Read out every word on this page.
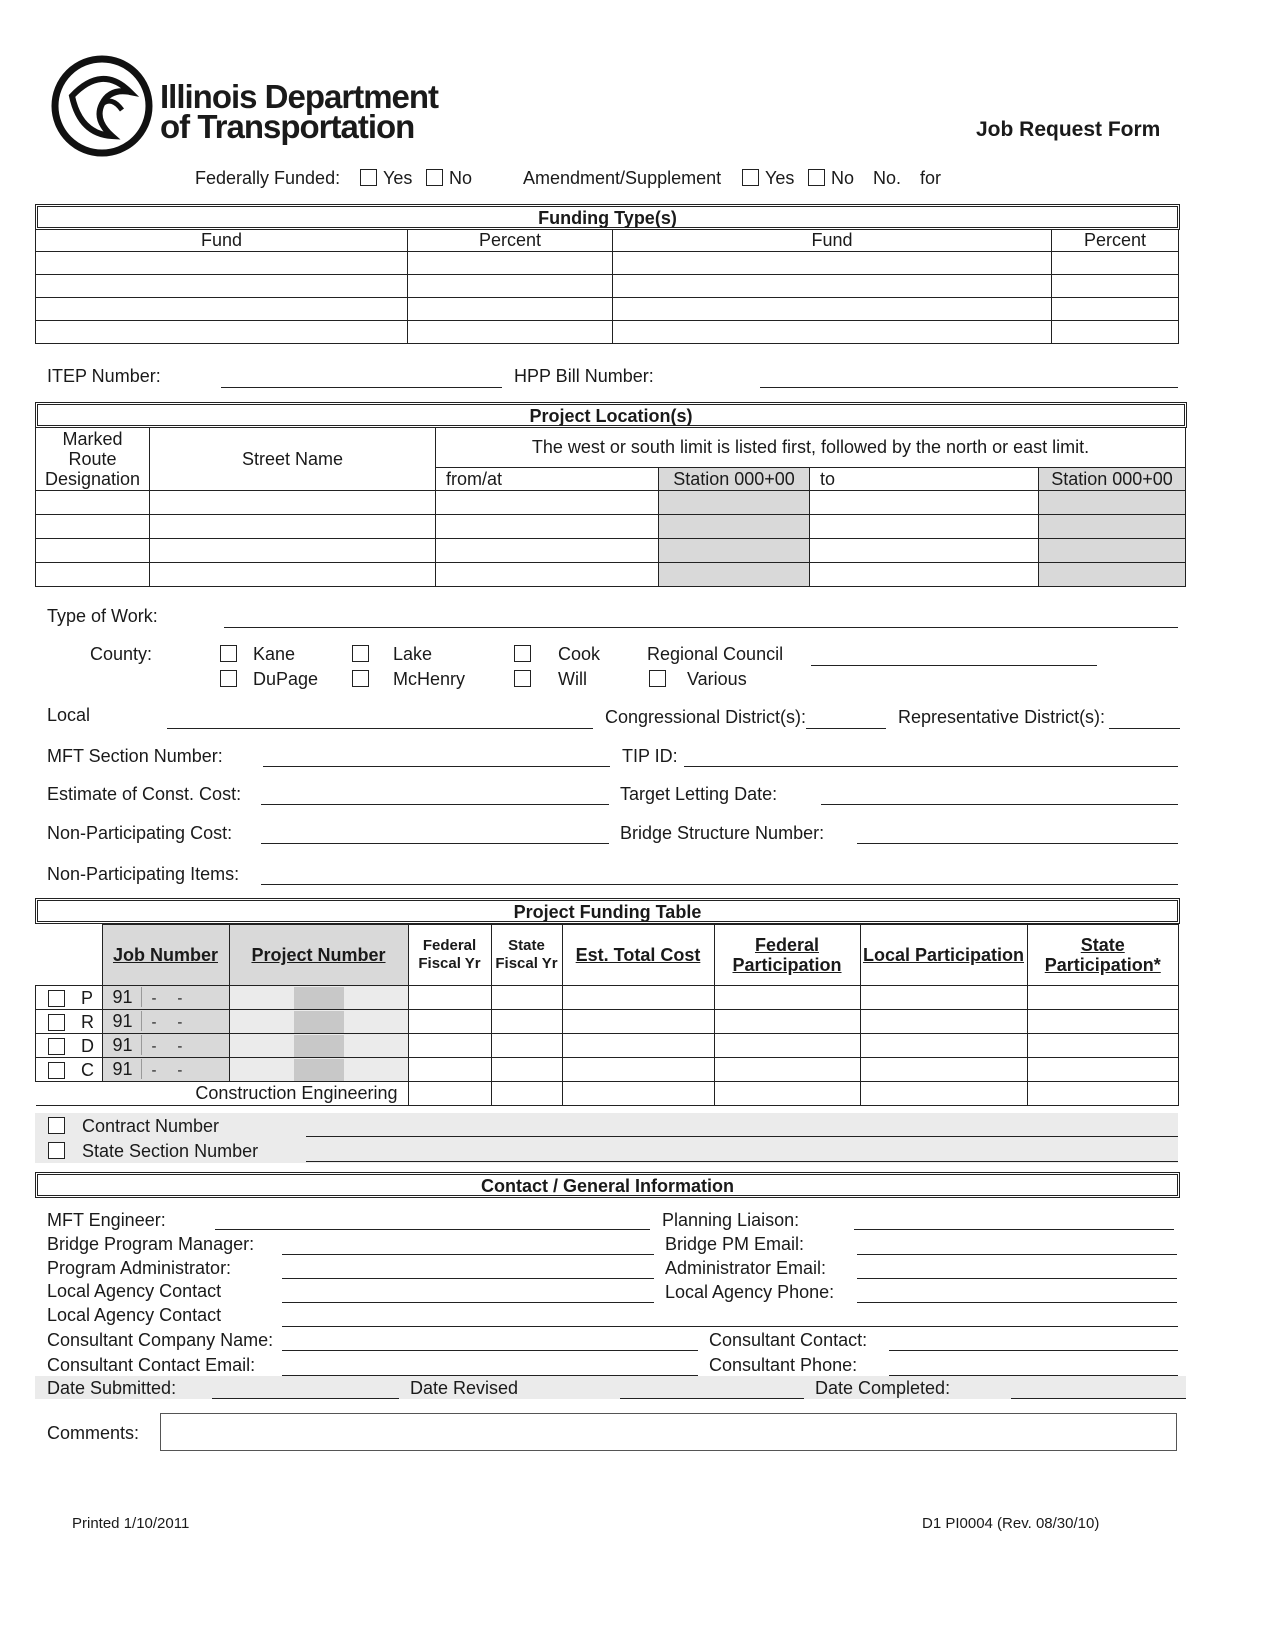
Illinois Department
of Transportation	Job Request Form
Federally Funded: Yes No	Amendment/Supplement Yes No No. for
Funding Type(s)
Fund	Percent	Fund	Percent

ITEP Number:	HPP Bill Number:
Project Location(s)
Marked Route Designation	Street Name	The west or south limit is listed first, followed by the north or east limit.			
		from/at	Station 000+00	to	Station 000+00

Type of Work:
County:	Kane	Lake	Cook	Regional Council
DuPage	McHenry	Will	Various
Local	Congressional District(s):	Representative District(s):
MFT Section Number:	TIP ID:
Estimate of Const. Cost:	Target Letting Date:
Non-Participating Cost:	Bridge Structure Number:
Non-Participating Items:
Project Funding Table
	Job Number	Project Number	Federal Fiscal Yr	State Fiscal Yr	Est. Total Cost	Federal Participation	Local Participation	State Participation*
P	91 -     -	

R	91 -     -	

D	91 -     -	

C	91 -     -	

Construction Engineering								
Contract Number
State Section Number
Contact / General Information
MFT Engineer:	Planning Liaison:
Bridge Program Manager:	Bridge PM Email:
Program Administrator:	Administrator Email:
Local Agency Contact	Local Agency Phone:
Local Agency Contact
Consultant Company Name:	Consultant Contact:
Consultant Contact Email:	Consultant Phone:
Date Submitted:	Date Revised	Date Completed:
Comments:
Printed 1/10/2011	D1 PI0004 (Rev. 08/30/10)
